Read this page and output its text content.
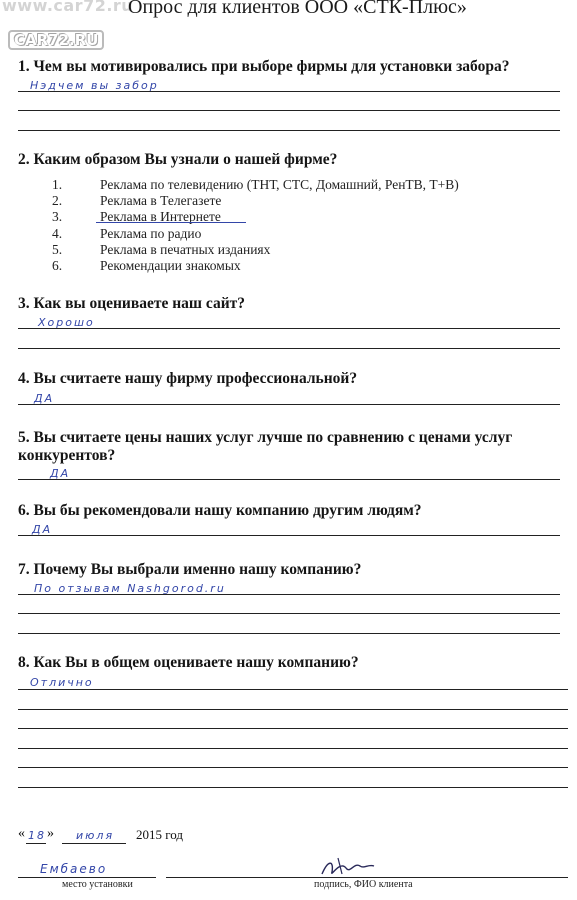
www.car72.ru
CAR72.RU
Опрос для клиентов ООО «СТК-Плюс»
1. Чем вы мотивировались при выборе фирмы для установки забора?
Нэдчем вы забор
2. Каким образом Вы узнали о нашей фирме?
1.	Реклама по телевидению (ТНТ, СТС, Домашний, РенТВ, Т+В)
2.	Реклама в Телегазете
3.	Реклама в Интернете
4.	Реклама по радио
5.	Реклама в печатных изданиях
6.	Рекомендации знакомых
3. Как вы оцениваете наш сайт?
Хорошо
4. Вы считаете нашу фирму профессиональной?
ДА
5. Вы считаете цены наших услуг лучше по сравнению с ценами услуг
конкурентов?
ДА
6. Вы бы рекомендовали нашу компанию другим людям?
ДА
7. Почему Вы выбрали именно нашу компанию?
По отзывам Nashgorod.ru
8. Как Вы в общем оцениваете нашу компанию?
Отлично
« 18 » июля 2015 год
Ембаево
место установки	подпись, ФИО клиента
